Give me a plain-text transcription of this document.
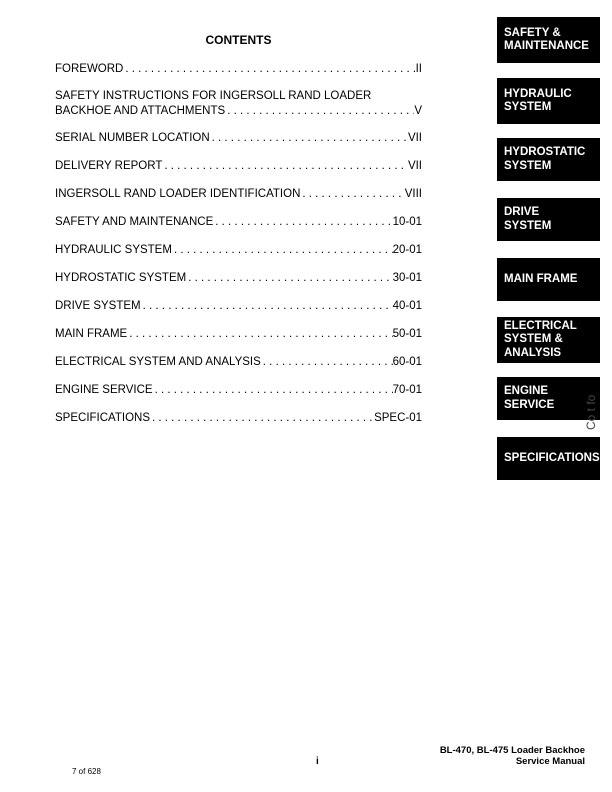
CONTENTS
FOREWORD . . .	II
SAFETY INSTRUCTIONS FOR INGERSOLL RAND LOADER
BACKHOE AND ATTACHMENTS . . .	V
SERIAL NUMBER LOCATION . . .	VII
DELIVERY REPORT . . .	VII
INGERSOLL RAND LOADER IDENTIFICATION . . .	VIII
SAFETY AND MAINTENANCE . . .	10-01
HYDRAULIC SYSTEM . . .	20-01
HYDROSTATIC SYSTEM . . .	30-01
DRIVE SYSTEM . . .	40-01
MAIN FRAME . . .	50-01
ELECTRICAL SYSTEM AND ANALYSIS . . .	60-01
ENGINE SERVICE . . .	70-01
SPECIFICATIONS . . .	SPEC-01
SAFETY &
MAINTENANCE
HYDRAULIC
SYSTEM
HYDROSTATIC
SYSTEM
DRIVE
SYSTEM
MAIN FRAME
ELECTRICAL
SYSTEM &
ANALYSIS
ENGINE
SERVICE
SPECIFICATIONS
Co t fo
BL-470, BL-475 Loader Backhoe
Service Manual
i
7 of 628
